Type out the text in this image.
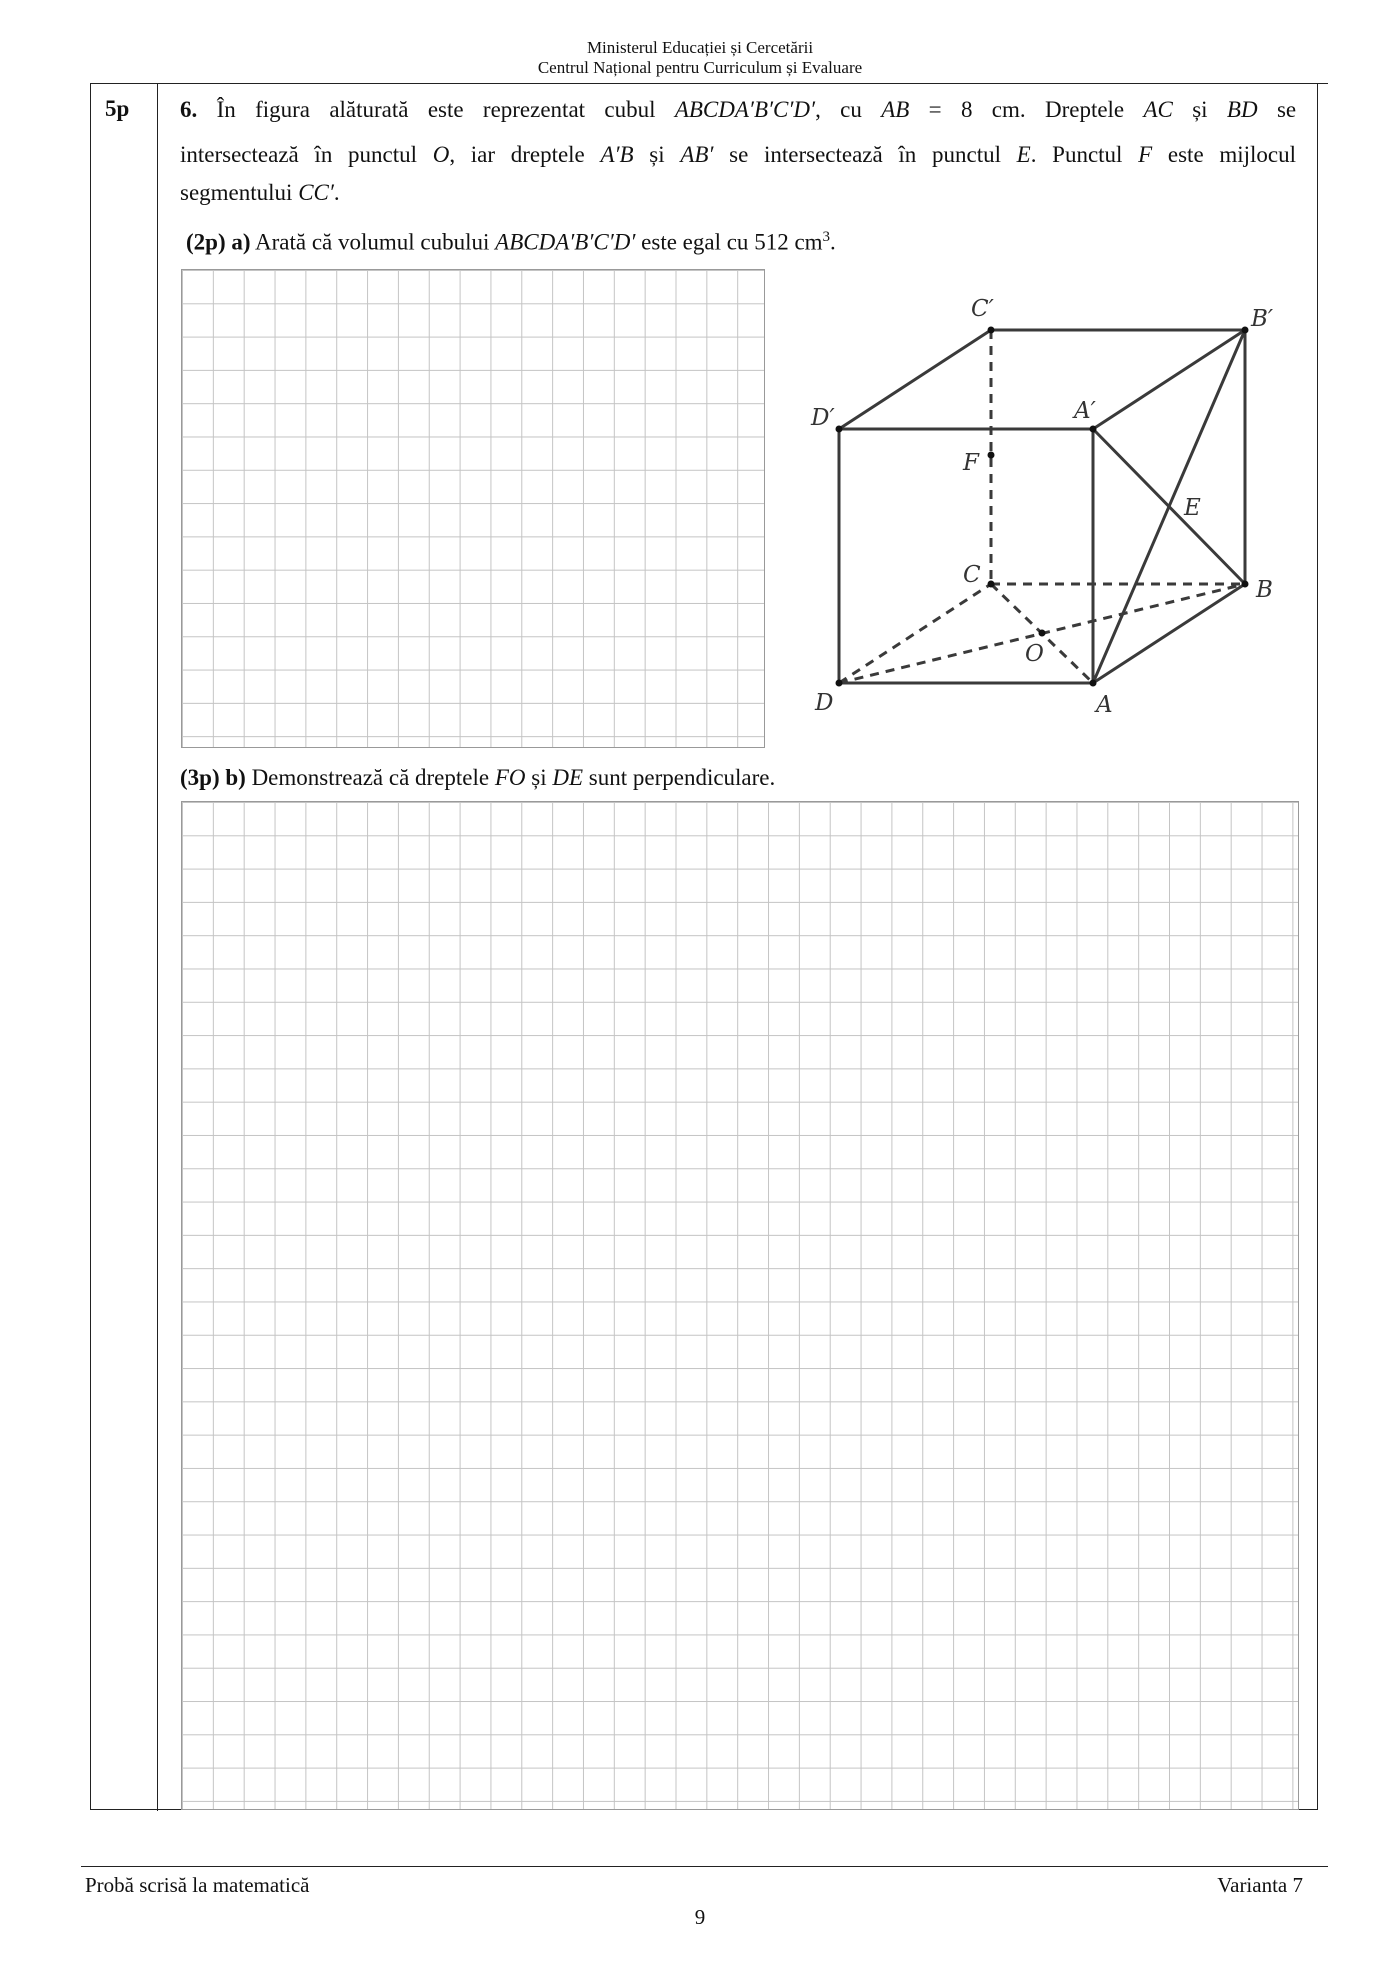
Ministerul Educației și Cercetării
Centrul Național pentru Curriculum și Evaluare
5p 6. În figura alăturată este reprezentat cubul ABCDA′B′C′D′, cu AB = 8 cm. Dreptele AC și BD se
intersectează în punctul O, iar dreptele A′B și AB′ se intersectează în punctul E. Punctul F este mijlocul
segmentului CC′.
(2p) a) Arată că volumul cubului ABCDA′B′C′D′ este egal cu 512 $cm^3$.
C′	B′
D′	A′
F
E
C
B
O
D	A
(3p) b) Demonstrează că dreptele FO și DE sunt perpendiculare.
Probă scrisă la matematică	Varianta 7
9
